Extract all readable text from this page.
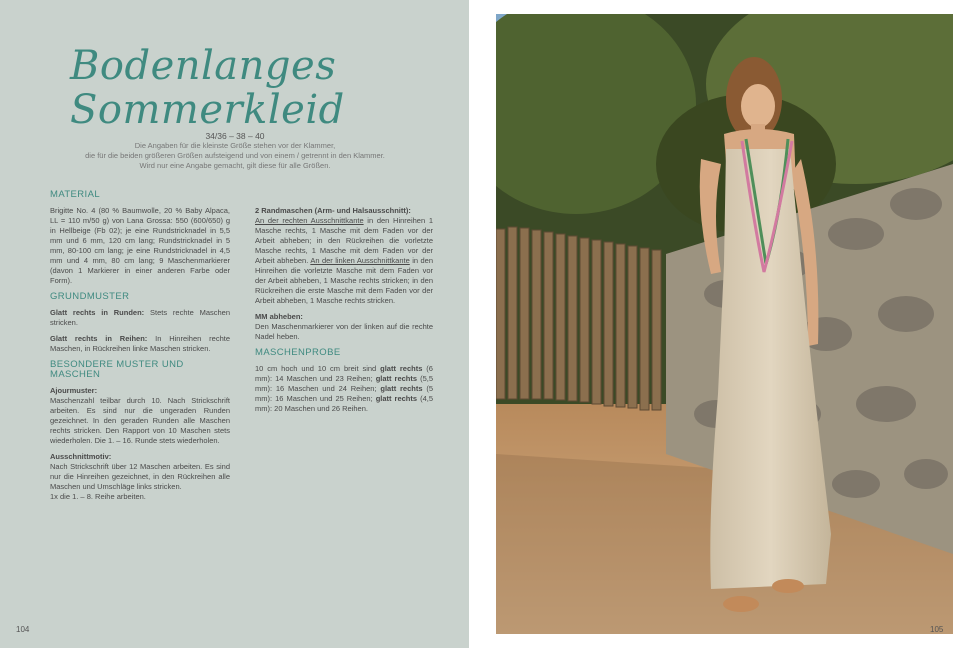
Bodenlanges Sommerkleid
34/36 – 38 – 40
Die Angaben für die kleinste Größe stehen vor der Klammer,
die für die beiden größeren Größen aufsteigend und von einem / getrennt in den Klammer.
Wird nur eine Angabe gemacht, gilt diese für alle Größen.
MATERIAL

Brigitte No. 4 (80 % Baumwolle, 20 % Baby Alpaca, LL = 110 m/50 g) von Lana Grossa: 550 (600/650) g in Hellbeige (Fb 02); je eine Rundstricknadel in 5,5 mm und 6 mm, 120 cm lang; Rundstricknadel in 5 mm, 80-100 cm lang; je eine Rundstricknadel in 4,5 mm und 4 mm, 80 cm lang; 9 Maschenmarkierer (davon 1 Markierer in einer anderen Farbe oder Form).

GRUNDMUSTER

Glatt rechts in Runden: Stets rechte Maschen stricken.

Glatt rechts in Reihen: In Hinreihen rechte Maschen, in Rückreihen linke Maschen stricken.

BESONDERE MUSTER UND MASCHEN
Ajourmuster:

Maschenzahl teilbar durch 10. Nach Strickschrift arbeiten. Es sind nur die ungeraden Runden gezeichnet. In den geraden Runden alle Maschen rechts stricken. Den Rapport von 10 Maschen stets wiederholen. Die 1. – 16. Runde stets wiederholen.

Ausschnittmotiv:

Nach Strickschrift über 12 Maschen arbeiten. Es sind nur die Hinreihen gezeichnet, in den Rückreihen alle Maschen und Umschläge links stricken.

1x die 1. – 8. Reihe arbeiten.

2 Randmaschen (Arm- und Halsausschnitt):

An der rechten Ausschnittkante in den Hinreihen 1 Masche rechts, 1 Masche mit dem Faden vor der Arbeit abheben; in den Rückreihen die vorletzte Masche rechts, 1 Masche mit dem Faden vor der Arbeit abheben. An der linken Ausschnittkante in den Hinreihen die vorletzte Masche mit dem Faden vor der Arbeit abheben, 1 Masche rechts stricken; in den Rückreihen die erste Masche mit dem Faden vor der Arbeit abheben, 1 Masche rechts stricken.

MM abheben:

Den Maschenmarkierer von der linken auf die rechte Nadel heben.

MASCHENPROBE

10 cm hoch und 10 cm breit sind glatt rechts (6 mm): 14 Maschen und 23 Reihen; glatt rechts (5,5 mm): 16 Maschen und 24 Reihen; glatt rechts (5 mm): 16 Maschen und 25 Reihen; glatt rechts (4,5 mm): 20 Maschen und 26 Reihen.

104	105
